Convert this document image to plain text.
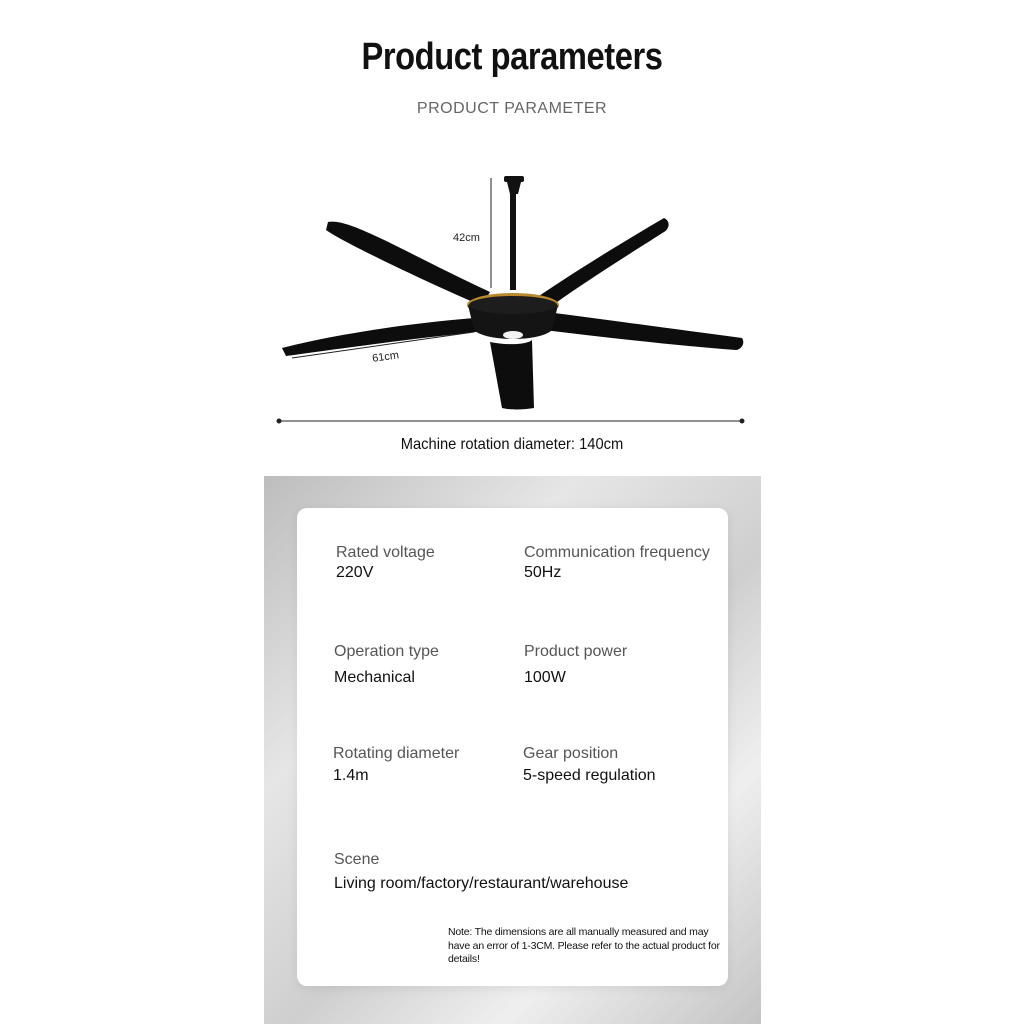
Product parameters
PRODUCT PARAMETER
42cm
61cm
Machine rotation diameter: 140cm
Rated voltage
220V
Communication frequency
50Hz
Operation type
Mechanical
Product power
100W
Rotating diameter
1.4m
Gear position
5-speed regulation
Scene
Living room/factory/restaurant/warehouse
Note: The dimensions are all manually measured and may have an error of 1-3CM. Please refer to the actual product for details!
